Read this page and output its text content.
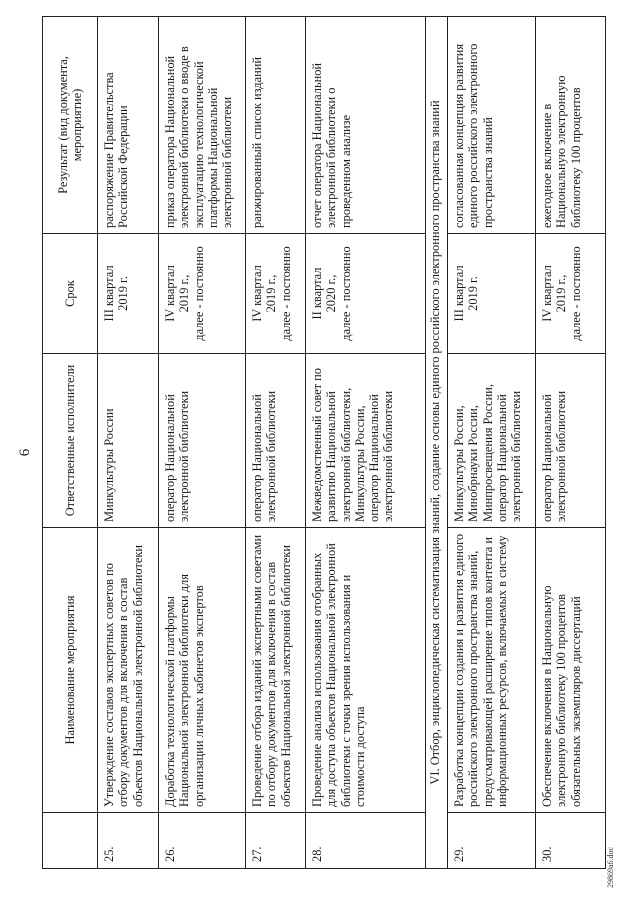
6
	Наименование мероприятия	Ответственные исполнители	Срок	Результат (вид документа, мероприятие)
25.	Утверждение составов экспертных советов по отбору документов для включения в состав объектов Национальной электронной библиотеки	Минкультуры России	III квартал 2019 г.	распоряжение Правительства Российской Федерации
26.	Доработка технологической платформы Национальной электронной библиотеки для организации личных кабинетов экспертов	оператор Национальной электронной библиотеки	IV квартал 2019 г., далее - постоянно	приказ оператора Национальной электронной библиотеки о вводе в эксплуатацию технологической платформы Национальной электронной библиотеки
27.	Проведение отбора изданий экспертными советами по отбору документов для включения в состав объектов Национальной электронной библиотеки	оператор Национальной электронной библиотеки	IV квартал 2019 г., далее - постоянно	ранжированный список изданий
28.	Проведение анализа использования отобранных для доступа объектов Национальной электронной библиотеки с точки зрения использования и стоимости доступа	Межведомственный совет по развитию Национальной электронной библиотеки, Минкультуры России, оператор Национальной электронной библиотеки	II квартал 2020 г., далее - постоянно	отчет оператора Национальной электронной библиотеки о проведенном анализе
VI. Отбор, энциклопедическая систематизация знаний, создание основы единого российского электронного пространства знаний				
29.	Разработка концепции создания и развития единого российского электронного пространства знаний, предусматривающей расширение типов контента и информационных ресурсов, включаемых в систему	Минкультуры России, Минобрнауки России, Минпросвещения России, оператор Национальной электронной библиотеки	III квартал 2019 г.	согласованная концепция развития единого российского электронного пространства знаний
30.	Обеспечение включения в Национальную электронную библиотеку 100 процентов обязательных экземпляров диссертаций	оператор Национальной электронной библиотеки	IV квартал 2019 г., далее - постоянно	ежегодное включение в Национальную электронную библиотеку 100 процентов
29869a6.doc
